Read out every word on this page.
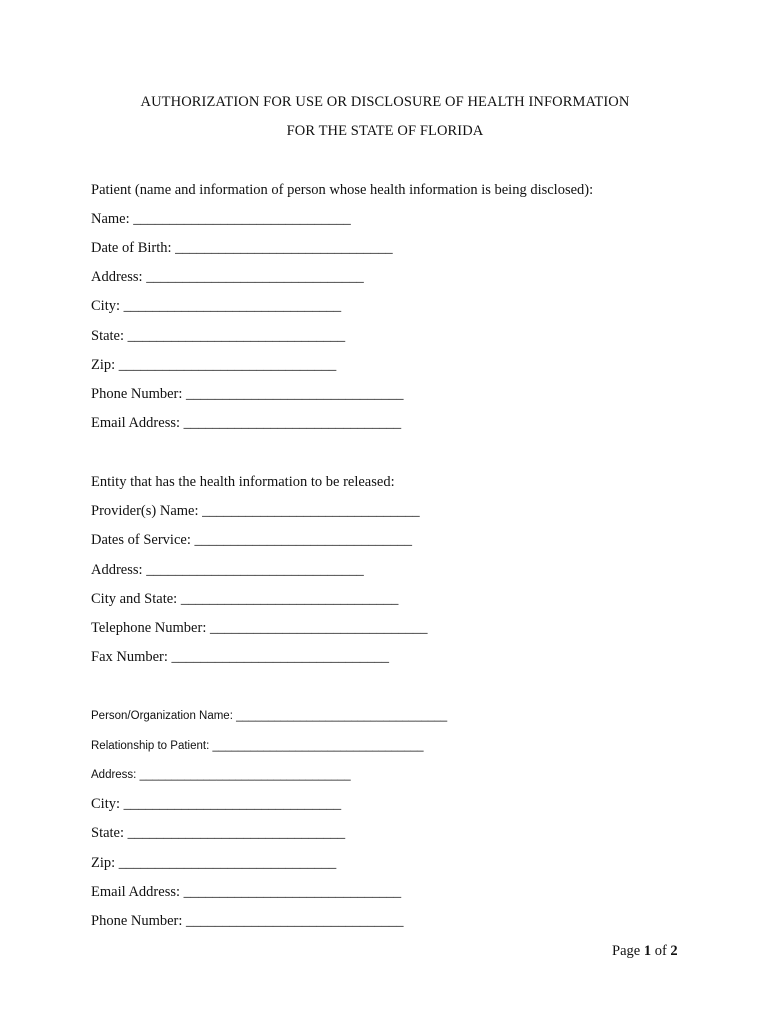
AUTHORIZATION FOR USE OR DISCLOSURE OF HEALTH INFORMATION
FOR THE STATE OF FLORIDA
Patient (name and information of person whose health information is being disclosed):
Name: ______________________________
Date of Birth: ______________________________
Address: ______________________________
City: ______________________________
State: ______________________________
Zip: ______________________________
Phone Number: ______________________________
Email Address: ______________________________
Entity that has the health information to be released:
Provider(s) Name: ______________________________
Dates of Service: ______________________________
Address: ______________________________
City and State: ______________________________
Telephone Number: ______________________________
Fax Number: ______________________________
Person/Organization Name: _________________________________
Relationship to Patient: _________________________________
Address: _________________________________
City: ______________________________
State: ______________________________
Zip: ______________________________
Email Address: ______________________________
Phone Number: ______________________________
Page 1 of 2
